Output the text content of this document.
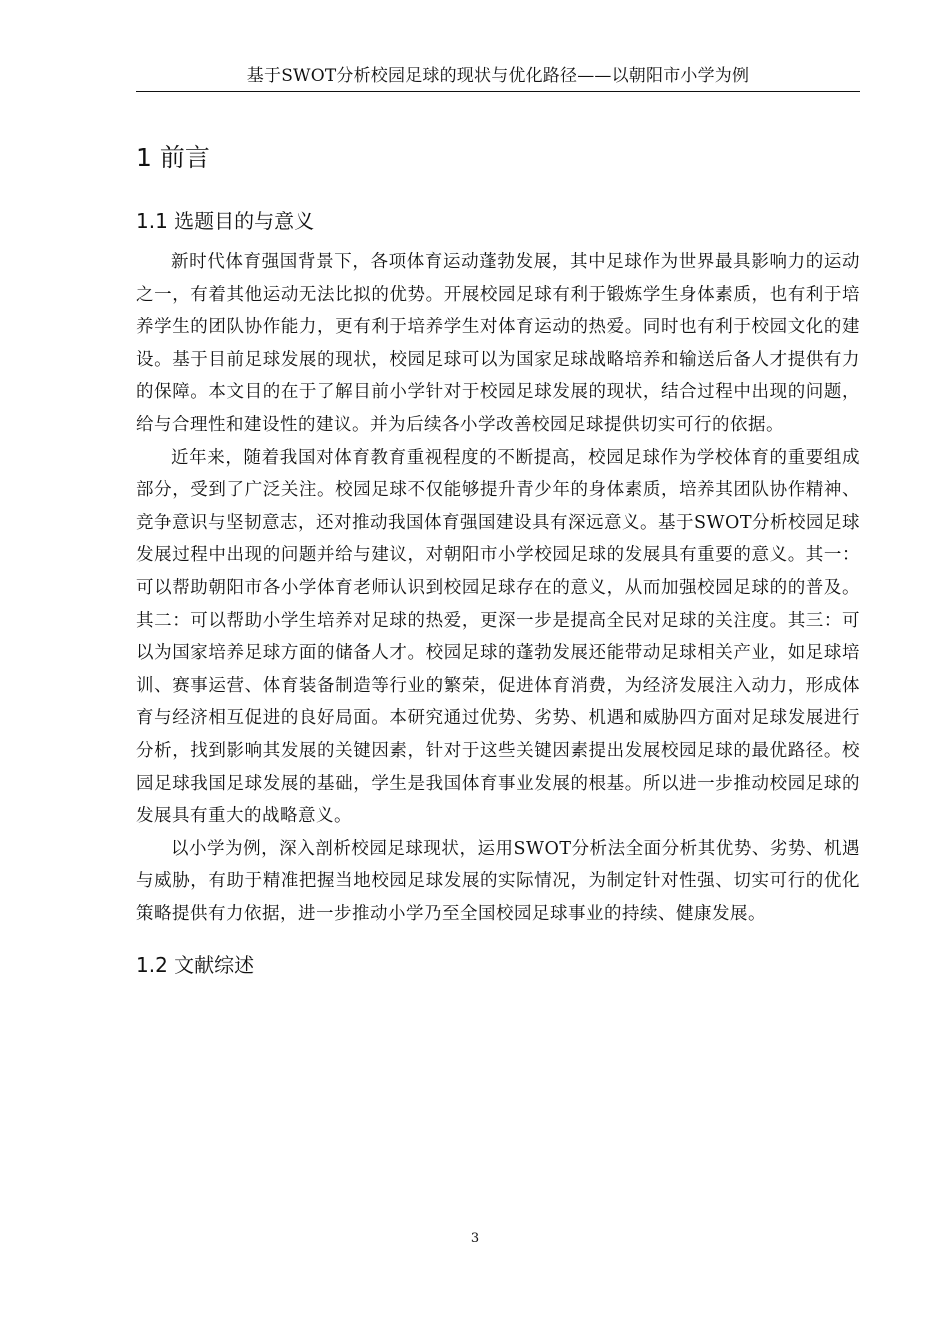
基于SWOT分析校园足球的现状与优化路径——以朝阳市小学为例
1 前言
1.1 选题目的与意义

新时代体育强国背景下，各项体育运动蓬勃发展，其中足球作为世界最具影响力的运动之一，有着其他运动无法比拟的优势。开展校园足球有利于锻炼学生身体素质，也有利于培养学生的团队协作能力，更有利于培养学生对体育运动的热爱。同时也有利于校园文化的建设。基于目前足球发展的现状，校园足球可以为国家足球战略培养和输送后备人才提供有力的保障。本文目的在于了解目前小学针对于校园足球发展的现状，结合过程中出现的问题，给与合理性和建设性的建议。并为后续各小学改善校园足球提供切实可行的依据。

近年来，随着我国对体育教育重视程度的不断提高，校园足球作为学校体育的重要组成部分，受到了广泛关注。校园足球不仅能够提升青少年的身体素质，培养其团队协作精神、竞争意识与坚韧意志，还对推动我国体育强国建设具有深远意义。基于SWOT分析校园足球发展过程中出现的问题并给与建议，对朝阳市小学校园足球的发展具有重要的意义。其一：可以帮助朝阳市各小学体育老师认识到校园足球存在的意义，从而加强校园足球的的普及。其二：可以帮助小学生培养对足球的热爱，更深一步是提高全民对足球的关注度。其三：可以为国家培养足球方面的储备人才。校园足球的蓬勃发展还能带动足球相关产业，如足球培训、赛事运营、体育装备制造等行业的繁荣，促进体育消费，为经济发展注入动力，形成体育与经济相互促进的良好局面。本研究通过优势、劣势、机遇和威胁四方面对足球发展进行分析，找到影响其发展的关键因素，针对于这些关键因素提出发展校园足球的最优路径。校园足球我国足球发展的基础，学生是我国体育事业发展的根基。所以进一步推动校园足球的发展具有重大的战略意义。

以小学为例，深入剖析校园足球现状，运用SWOT分析法全面分析其优势、劣势、机遇与威胁，有助于精准把握当地校园足球发展的实际情况，为制定针对性强、切实可行的优化策略提供有力依据，进一步推动小学乃至全国校园足球事业的持续、健康发展。

1.2 文献综述
3
